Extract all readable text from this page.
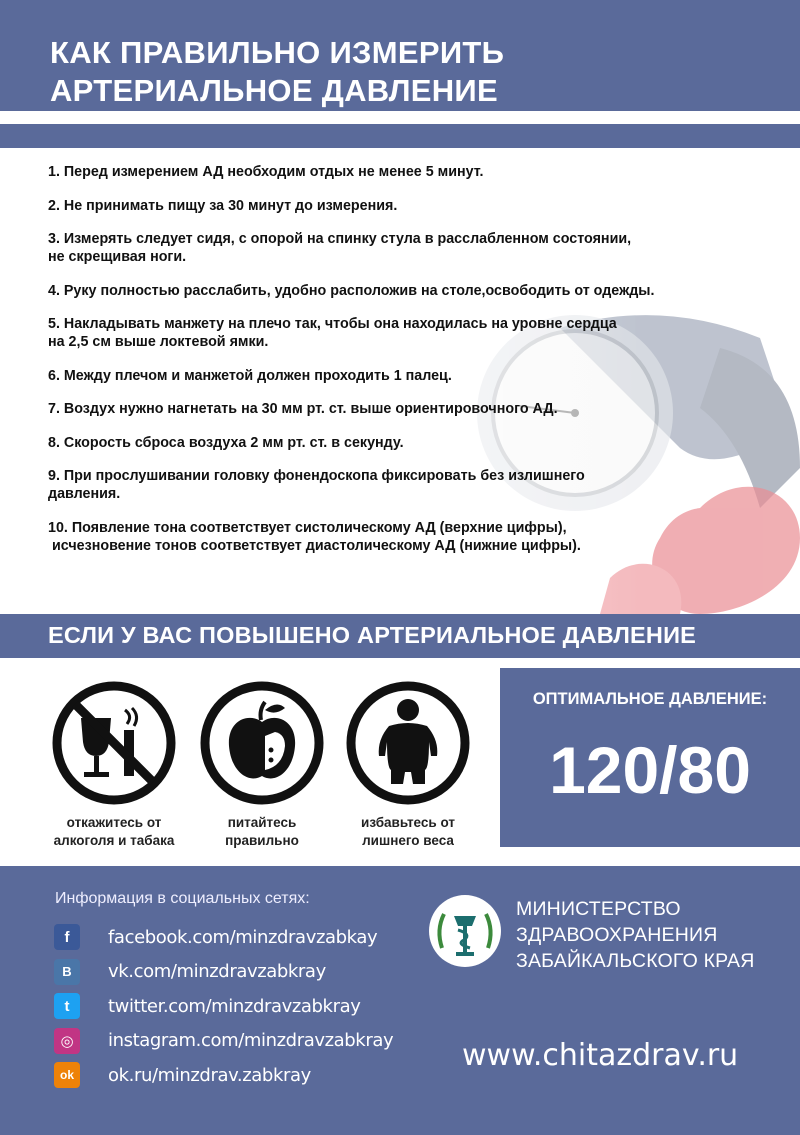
КАК ПРАВИЛЬНО ИЗМЕРИТЬ
АРТЕРИАЛЬНОЕ ДАВЛЕНИЕ
1. Перед измерением АД необходим отдых не менее 5 минут.
2. Не принимать пищу за 30 минут до измерения.
3. Измерять следует сидя, с опорой на спинку стула в расслабленном состоянии,
не скрещивая ноги.
4. Руку полностью расслабить, удобно расположив на столе,освободить от одежды.
5. Накладывать манжету на плечо так, чтобы она находилась на уровне сердца
на 2,5 см выше локтевой ямки.
6. Между плечом и манжетой должен проходить 1 палец.
7. Воздух нужно нагнетать на 30 мм рт. ст. выше ориентировочного АД.
8. Скорость сброса воздуха 2 мм рт. ст. в секунду.
9. При прослушивании головку фонендоскопа фиксировать без излишнего
давления.
10. Появление тона соответствует систолическому АД (верхние цифры),
исчезновение тонов соответствует диастолическому АД (нижние цифры).
ЕСЛИ У ВАС ПОВЫШЕНО АРТЕРИАЛЬНОЕ ДАВЛЕНИЕ
откажитесь от
алкоголя и табака
питайтесь
правильно
избавьтесь от
лишнего веса
ОПТИМАЛЬНОЕ ДАВЛЕНИЕ:
120/80
Информация в социальных сетях:
f	facebook.com/minzdravzabkay
В	vk.com/minzdravzabkray
t	twitter.com/minzdravzabkray
◎	instagram.com/minzdravzabkray
ok	ok.ru/minzdrav.zabkray
МИНИСТЕРСТВО
ЗДРАВООХРАНЕНИЯ
ЗАБАЙКАЛЬСКОГО КРАЯ
www.chitazdrav.ru
